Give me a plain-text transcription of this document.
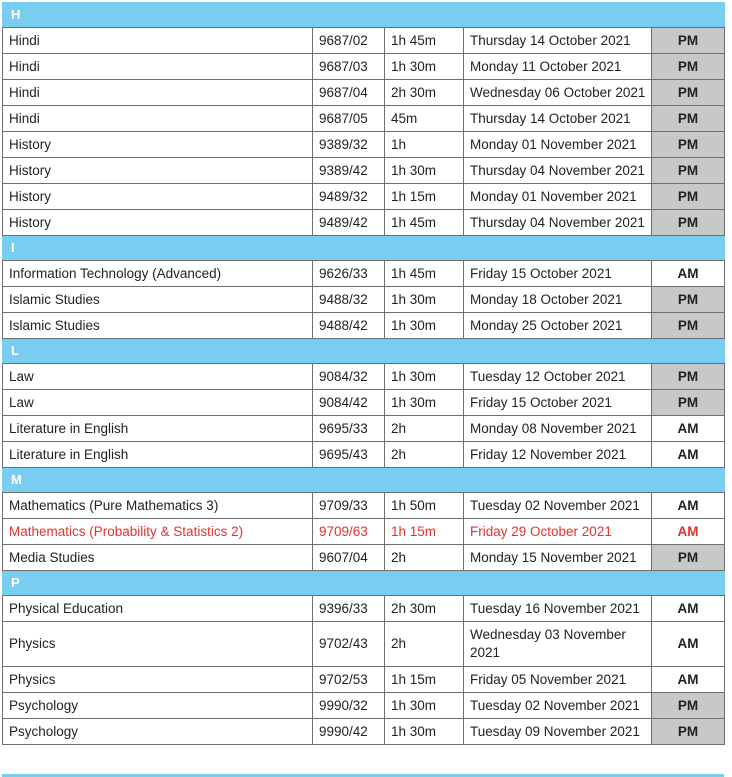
H				
Hindi	9687/02	1h 45m	Thursday 14 October 2021	PM
Hindi	9687/03	1h 30m	Monday 11 October 2021	PM
Hindi	9687/04	2h 30m	Wednesday 06 October 2021	PM
Hindi	9687/05	45m	Thursday 14 October 2021	PM
History	9389/32	1h	Monday 01 November 2021	PM
History	9389/42	1h 30m	Thursday 04 November 2021	PM
History	9489/32	1h 15m	Monday 01 November 2021	PM
History	9489/42	1h 45m	Thursday 04 November 2021	PM
I				
Information Technology (Advanced)	9626/33	1h 45m	Friday 15 October 2021	AM
Islamic Studies	9488/32	1h 30m	Monday 18 October 2021	PM
Islamic Studies	9488/42	1h 30m	Monday 25 October 2021	PM
L				
Law	9084/32	1h 30m	Tuesday 12 October 2021	PM
Law	9084/42	1h 30m	Friday 15 October 2021	PM
Literature in English	9695/33	2h	Monday 08 November 2021	AM
Literature in English	9695/43	2h	Friday 12 November 2021	AM
M				
Mathematics (Pure Mathematics 3)	9709/33	1h 50m	Tuesday 02 November 2021	AM
Mathematics (Probability & Statistics 2)	9709/63	1h 15m	Friday 29 October 2021	AM
Media Studies	9607/04	2h	Monday 15 November 2021	PM
P				
Physical Education	9396/33	2h 30m	Tuesday 16 November 2021	AM
Physics	9702/43	2h	Wednesday 03 November 2021	AM
Physics	9702/53	1h 15m	Friday 05 November 2021	AM
Psychology	9990/32	1h 30m	Tuesday 02 November 2021	PM
Psychology	9990/42	1h 30m	Tuesday 09 November 2021	PM
